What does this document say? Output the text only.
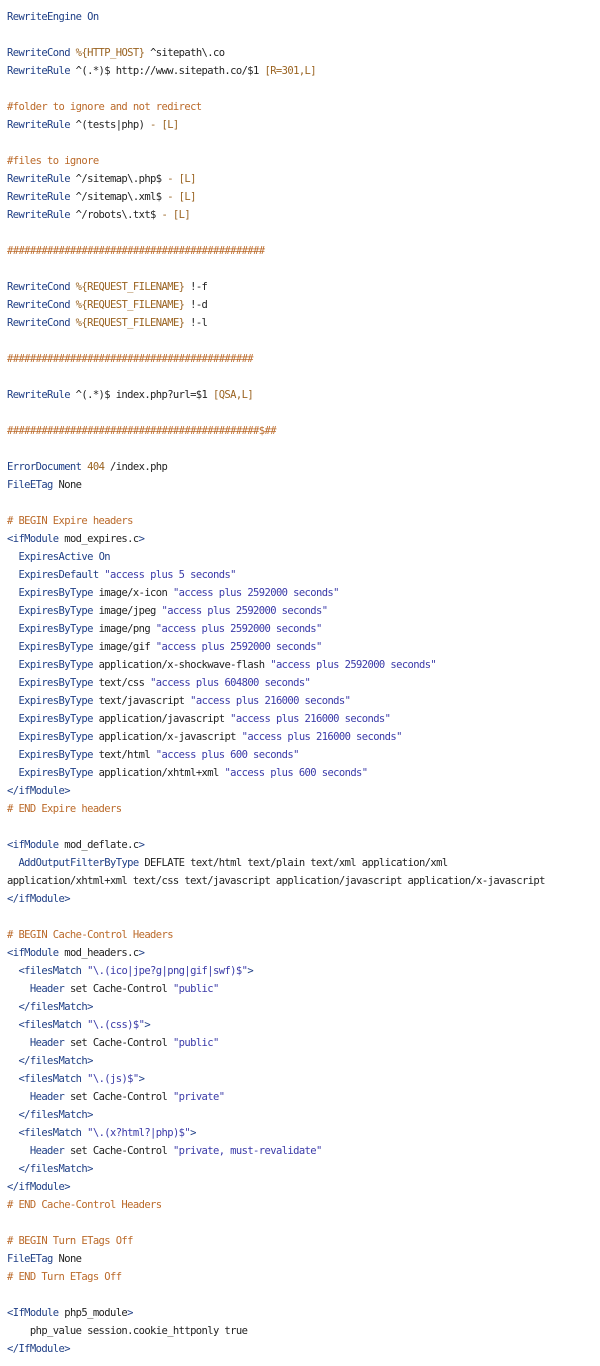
RewriteEngine On

RewriteCond %{HTTP_HOST} ^sitepath\.co
RewriteRule ^(.*)$ http://www.sitepath.co/$1 [R=301,L]

#folder to ignore and not redirect
RewriteRule ^(tests|php) - [L]

#files to ignore
RewriteRule ^/sitemap\.php$ - [L]
RewriteRule ^/sitemap\.xml$ - [L]
RewriteRule ^/robots\.txt$ - [L]

#############################################

RewriteCond %{REQUEST_FILENAME} !-f
RewriteCond %{REQUEST_FILENAME} !-d
RewriteCond %{REQUEST_FILENAME} !-l

###########################################

RewriteRule ^(.*)$ index.php?url=$1 [QSA,L]

############################################$##

ErrorDocument 404 /index.php
FileETag None

# BEGIN Expire headers
<ifModule mod_expires.c>
ExpiresActive On
ExpiresDefault "access plus 5 seconds"
ExpiresByType image/x-icon "access plus 2592000 seconds"
ExpiresByType image/jpeg "access plus 2592000 seconds"
ExpiresByType image/png "access plus 2592000 seconds"
ExpiresByType image/gif "access plus 2592000 seconds"
ExpiresByType application/x-shockwave-flash "access plus 2592000 seconds"
ExpiresByType text/css "access plus 604800 seconds"
ExpiresByType text/javascript "access plus 216000 seconds"
ExpiresByType application/javascript "access plus 216000 seconds"
ExpiresByType application/x-javascript "access plus 216000 seconds"
ExpiresByType text/html "access plus 600 seconds"
ExpiresByType application/xhtml+xml "access plus 600 seconds"
</ifModule>
# END Expire headers

<ifModule mod_deflate.c>
AddOutputFilterByType DEFLATE text/html text/plain text/xml application/xml
application/xhtml+xml text/css text/javascript application/javascript application/x-javascript
</ifModule>

# BEGIN Cache-Control Headers
<ifModule mod_headers.c>
<filesMatch "\.(ico|jpe?g|png|gif|swf)$">
Header set Cache-Control "public"
</filesMatch>
<filesMatch "\.(css)$">
Header set Cache-Control "public"
</filesMatch>
<filesMatch "\.(js)$">
Header set Cache-Control "private"
</filesMatch>
<filesMatch "\.(x?html?|php)$">
Header set Cache-Control "private, must-revalidate"
</filesMatch>
</ifModule>
# END Cache-Control Headers

# BEGIN Turn ETags Off
FileETag None
# END Turn ETags Off

<IfModule php5_module>
php_value session.cookie_httponly true
</IfModule>
